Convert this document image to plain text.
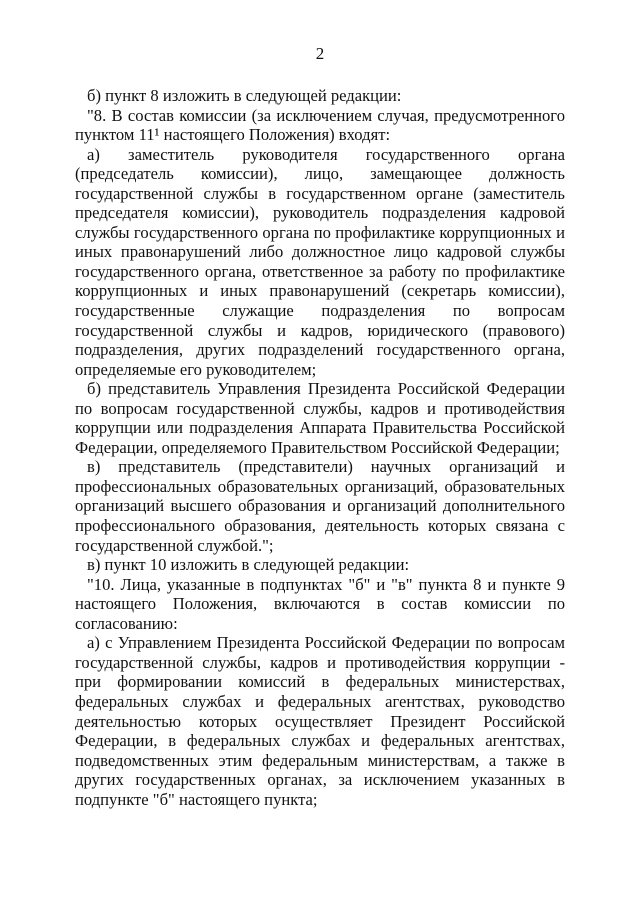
2

б) пункт 8 изложить в следующей редакции:

"8. В состав комиссии (за исключением случая, предусмотренного пунктом 11¹ настоящего Положения) входят:

а) заместитель руководителя государственного органа (председатель комиссии), лицо, замещающее должность государственной службы в государственном органе (заместитель председателя комиссии), руководитель подразделения кадровой службы государственного органа по профилактике коррупционных и иных правонарушений либо должностное лицо кадровой службы государственного органа, ответственное за работу по профилактике коррупционных и иных правонарушений (секретарь комиссии), государственные служащие подразделения по вопросам государственной службы и кадров, юридического (правового) подразделения, других подразделений государственного органа, определяемые его руководителем;

б) представитель Управления Президента Российской Федерации по вопросам государственной службы, кадров и противодействия коррупции или подразделения Аппарата Правительства Российской Федерации, определяемого Правительством Российской Федерации;

в) представитель (представители) научных организаций и профессиональных образовательных организаций, образовательных организаций высшего образования и организаций дополнительного профессионального образования, деятельность которых связана с государственной службой.";

в) пункт 10 изложить в следующей редакции:

"10. Лица, указанные в подпунктах "б" и "в" пункта 8 и пункте 9 настоящего Положения, включаются в состав комиссии по согласованию:

а) с Управлением Президента Российской Федерации по вопросам государственной службы, кадров и противодействия коррупции - при формировании комиссий в федеральных министерствах, федеральных службах и федеральных агентствах, руководство деятельностью которых осуществляет Президент Российской Федерации, в федеральных службах и федеральных агентствах, подведомственных этим федеральным министерствам, а также в других государственных органах, за исключением указанных в подпункте "б" настоящего пункта;
